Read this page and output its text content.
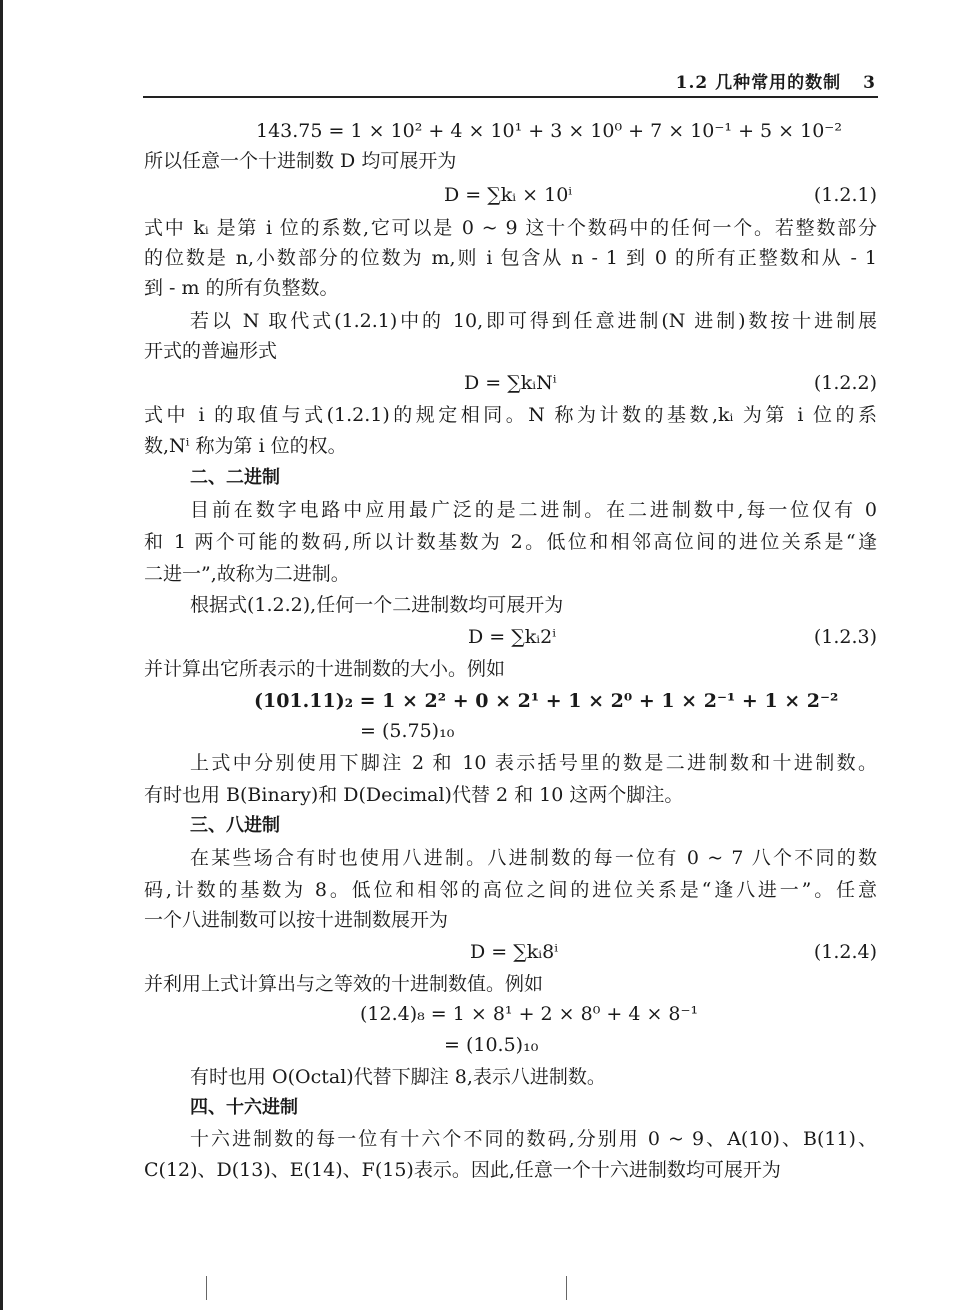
1.2 几种常用的数制 3
143.75 = 1 × 10² + 4 × 10¹ + 3 × 10⁰ + 7 × 10⁻¹ + 5 × 10⁻²
所以任意一个十进制数 D 均可展开为
D = ∑kᵢ × 10ⁱ	(1.2.1)
式中 kᵢ 是第 i 位的系数,它可以是 0 ~ 9 这十个数码中的任何一个。若整数部分
的位数是 n,小数部分的位数为 m,则 i 包含从 n - 1 到 0 的所有正整数和从 - 1
到 - m 的所有负整数。
若以 N 取代式(1.2.1)中的 10,即可得到任意进制(N 进制)数按十进制展
开式的普遍形式
D = ∑kᵢNⁱ	(1.2.2)
式中 i 的取值与式(1.2.1)的规定相同。N 称为计数的基数,kᵢ 为第 i 位的系
数,Nⁱ 称为第 i 位的权。
二、二进制
目前在数字电路中应用最广泛的是二进制。在二进制数中,每一位仅有 0
和 1 两个可能的数码,所以计数基数为 2。低位和相邻高位间的进位关系是“逢
二进一”,故称为二进制。
根据式(1.2.2),任何一个二进制数均可展开为
D = ∑kᵢ2ⁱ	(1.2.3)
并计算出它所表示的十进制数的大小。例如
(101.11)₂ = 1 × 2² + 0 × 2¹ + 1 × 2⁰ + 1 × 2⁻¹ + 1 × 2⁻²
= (5.75)₁₀
上式中分别使用下脚注 2 和 10 表示括号里的数是二进制数和十进制数。
有时也用 B(Binary)和 D(Decimal)代替 2 和 10 这两个脚注。
三、八进制
在某些场合有时也使用八进制。八进制数的每一位有 0 ~ 7 八个不同的数
码,计数的基数为 8。低位和相邻的高位之间的进位关系是“逢八进一”。任意
一个八进制数可以按十进制数展开为
D = ∑kᵢ8ⁱ	(1.2.4)
并利用上式计算出与之等效的十进制数值。例如
(12.4)₈ = 1 × 8¹ + 2 × 8⁰ + 4 × 8⁻¹
= (10.5)₁₀
有时也用 O(Octal)代替下脚注 8,表示八进制数。
四、十六进制
十六进制数的每一位有十六个不同的数码,分别用 0 ~ 9、A(10)、B(11)、
C(12)、D(13)、E(14)、F(15)表示。因此,任意一个十六进制数均可展开为
